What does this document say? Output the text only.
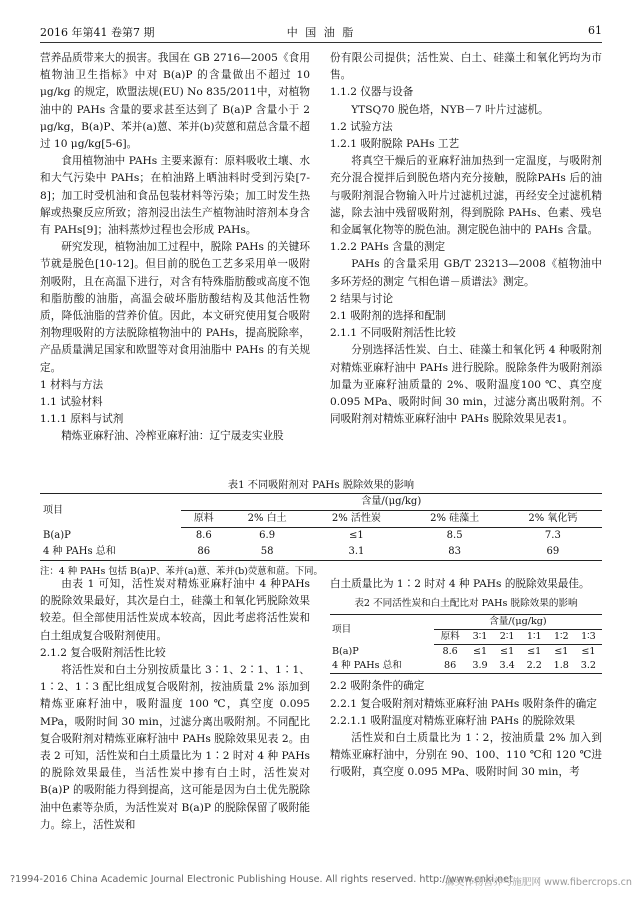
2016 年第41 卷第7 期	中 国 油 脂	61

营养品质带来大的损害。我国在 GB 2716—2005《食用植物油卫生指标》中对 B(a)P 的含量做出不超过 10 μg/kg 的规定，欧盟法规(EU) No 835/2011中，对植物油中的 PAHs 含量的要求甚至达到了 B(a)P 含量小于 2 μg/kg，B(a)P、苯并(a)蒽、苯并(b)荧蒽和䓛总含量不超过 10 μg/kg[5-6]。

食用植物油中 PAHs 主要来源有：原料吸收土壤、水和大气污染中 PAHs；在柏油路上晒油料时受到污染[7-8]；加工时受机油和食品包装材料等污染；加工时发生热解或热聚反应所致；溶剂浸出法生产植物油时溶剂本身含有 PAHs[9]；油料蒸炒过程也会形成 PAHs。

研究发现，植物油加工过程中，脱除 PAHs 的关键环节就是脱色[10-12]。但目前的脱色工艺多采用单一吸附剂吸附，且在高温下进行，对含有特殊脂肪酸或高度不饱和脂肪酸的油脂，高温会破坏脂肪酸结构及其他活性物质，降低油脂的营养价值。因此，本文研究使用复合吸附剂物理吸附的方法脱除植物油中的 PAHs，提高脱除率，产品质量满足国家和欧盟等对食用油脂中 PAHs 的有关规定。

1 材料与方法

1.1 试验材料

1.1.1 原料与试剂

精炼亚麻籽油、冷榨亚麻籽油：辽宁晟麦实业股

份有限公司提供；活性炭、白土、硅藻土和氧化钙均为市售。

1.1.2 仪器与设备

YTSQ70 脱色塔，NYB－7 叶片过滤机。

1.2 试验方法

1.2.1 吸附脱除 PAHs 工艺

将真空干燥后的亚麻籽油加热到一定温度，与吸附剂充分混合搅拌后到脱色塔内充分接触，脱除PAHs 后的油与吸附剂混合物输入叶片过滤机过滤，再经安全过滤机精滤，除去油中残留吸附剂，得到脱除 PAHs、色素、残皂和金属氧化物等的脱色油。测定脱色油中的 PAHs 含量。

1.2.2 PAHs 含量的测定

PAHs 的含量采用 GB/T 23213—2008《植物油中多环芳烃的测定 气相色谱－质谱法》测定。

2 结果与讨论

2.1 吸附剂的选择和配制

2.1.1 不同吸附剂活性比较

分别选择活性炭、白土、硅藻土和氧化钙 4 种吸附剂对精炼亚麻籽油中 PAHs 进行脱除。脱除条件为吸附剂添加量为亚麻籽油质量的 2%、吸附温度100 ℃、真空度 0.095 MPa、吸附时间 30 min，过滤分离出吸附剂。不同吸附剂对精炼亚麻籽油中 PAHs 脱除效果见表1。

表1 不同吸附剂对 PAHs 脱除效果的影响
项目	含量/(μg/kg)				
	原料	2% 白土	2% 活性炭	2% 硅藻土	2% 氧化钙
B(a)P	8.6	6.9	≤1	8.5	7.3
4 种 PAHs 总和	86	58	3.1	83	69
注：4 种 PAHs 包括 B(a)P、苯并(a)蒽、苯并(b)荧蒽和䓛。下同。

由表 1 可知，活性炭对精炼亚麻籽油中 4 种PAHs 的脱除效果最好，其次是白土，硅藻土和氧化钙脱除效果较差。但全部使用活性炭成本较高，因此考虑将活性炭和白土组成复合吸附剂使用。

2.1.2 复合吸附剂活性比较

将活性炭和白土分别按质量比 3∶1、2∶1、1∶1、1∶2、1∶3 配比组成复合吸附剂，按油质量 2% 添加到精炼亚麻籽油中，吸附温度 100 ℃，真空度 0.095 MPa，吸附时间 30 min，过滤分离出吸附剂。不同配比复合吸附剂对精炼亚麻籽油中 PAHs 脱除效果见表 2。由表 2 可知，活性炭和白土质量比为 1∶2 时对 4 种 PAHs 的脱除效果最佳，当活性炭中掺有白土时，活性炭对 B(a)P 的吸附能力得到提高，这可能是因为白土优先脱除油中色素等杂质，为活性炭对 B(a)P 的脱除保留了吸附能力。综上，活性炭和

白土质量比为 1∶2 时对 4 种 PAHs 的脱除效果最佳。

表2 不同活性炭和白土配比对 PAHs 脱除效果的影响
项目	含量/(μg/kg)					
	原料	3∶1	2∶1	1∶1	1∶2	1∶3
B(a)P	8.6	≤1	≤1	≤1	≤1	≤1
4 种 PAHs 总和	86	3.9	3.4	2.2	1.8	3.2

2.2 吸附条件的确定

2.2.1 复合吸附剂对精炼亚麻籽油 PAHs 吸附条件的确定

2.2.1.1 吸附温度对精炼亚麻籽油 PAHs 的脱除效果

活性炭和白土质量比为 1∶2，按油质量 2% 加入到精炼亚麻籽油中，分别在 90、100、110 ℃和 120 ℃进行吸附，真空度 0.095 MPa、吸附时间 30 min，考

?1994-2016 China Academic Journal Electronic Publishing House. All rights reserved. http://www.cnki.net
麻类作物营养与施肥网 www.fibercrops.cn
